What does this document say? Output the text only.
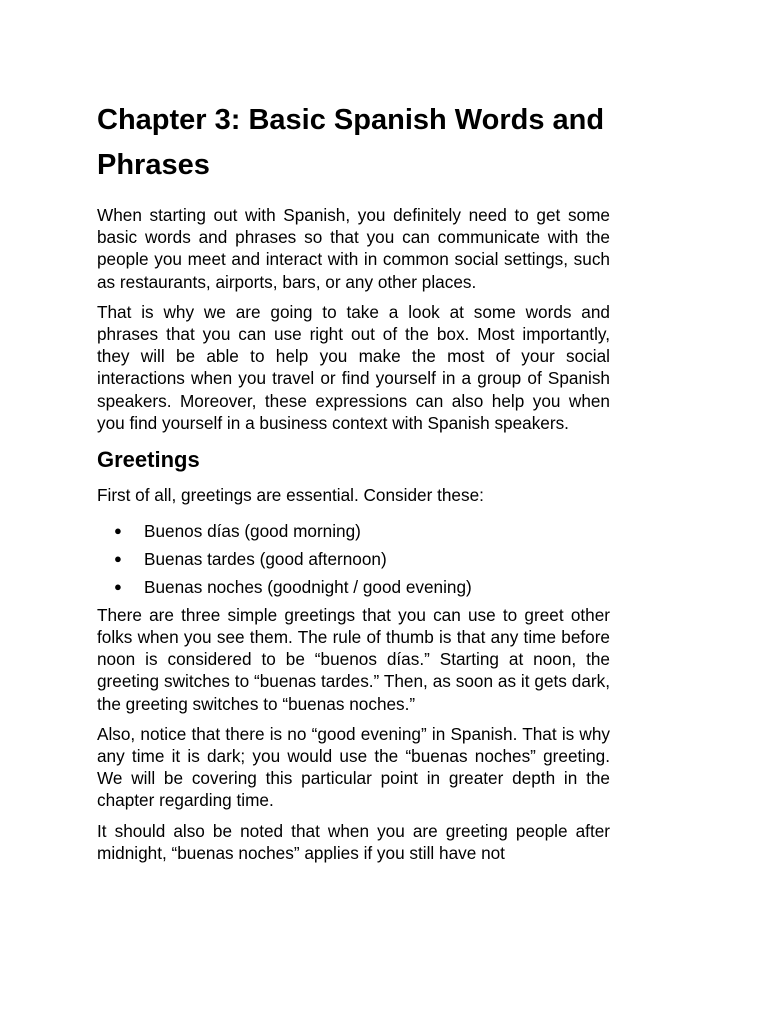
Chapter 3: Basic Spanish Words and Phrases

When starting out with Spanish, you definitely need to get some basic words and phrases so that you can communicate with the people you meet and interact with in common social settings, such as restaurants, airports, bars, or any other places.

That is why we are going to take a look at some words and phrases that you can use right out of the box. Most importantly, they will be able to help you make the most of your social interactions when you travel or find yourself in a group of Spanish speakers. Moreover, these expressions can also help you when you find yourself in a business context with Spanish speakers.

Greetings

First of all, greetings are essential. Consider these:

● Buenos días (good morning)
● Buenas tardes (good afternoon)
● Buenas noches (goodnight / good evening)

There are three simple greetings that you can use to greet other folks when you see them. The rule of thumb is that any time before noon is considered to be “buenos días.” Starting at noon, the greeting switches to “buenas tardes.” Then, as soon as it gets dark, the greeting switches to “buenas noches.”

Also, notice that there is no “good evening” in Spanish. That is why any time it is dark; you would use the “buenas noches” greeting. We will be covering this particular point in greater depth in the chapter regarding time.

It should also be noted that when you are greeting people after midnight, “buenas noches” applies if you still have not
